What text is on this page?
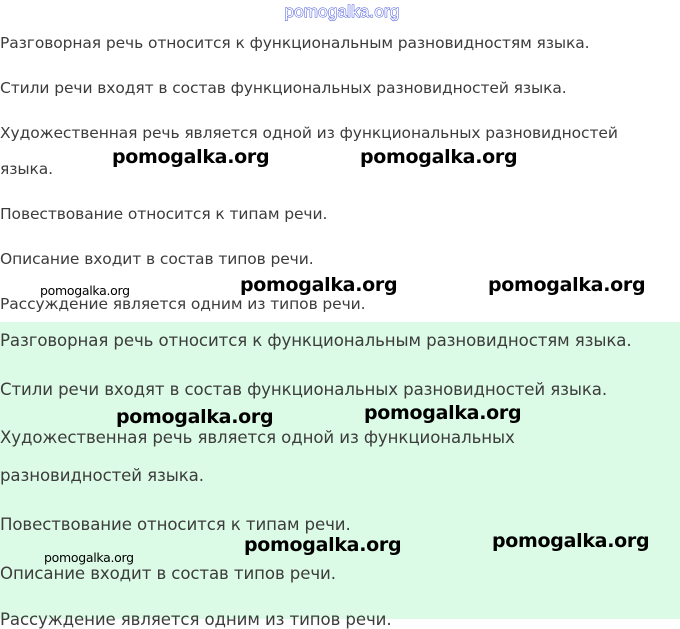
pomogalka.org
Разговорная речь относится к функциональным разновидностям языка.
Стили речи входят в состав функциональных разновидностей языка.
Художественная речь является одной из функциональных разновидностей
языка.
Повествование относится к типам речи.
Описание входит в состав типов речи.
Рассуждение является одним из типов речи.
Разговорная речь относится к функциональным разновидностям языка.
Стили речи входят в состав функциональных разновидностей языка.
Художественная речь является одной из функциональных
разновидностей языка.
Повествование относится к типам речи.
Описание входит в состав типов речи.
Рассуждение является одним из типов речи.
pomogalka.org	pomogalka.org
pomogalka.org	pomogalka.org	pomogalka.org
pomogalka.org	pomogalka.org
pomogalka.org
pomogalka.org	pomogalka.org
